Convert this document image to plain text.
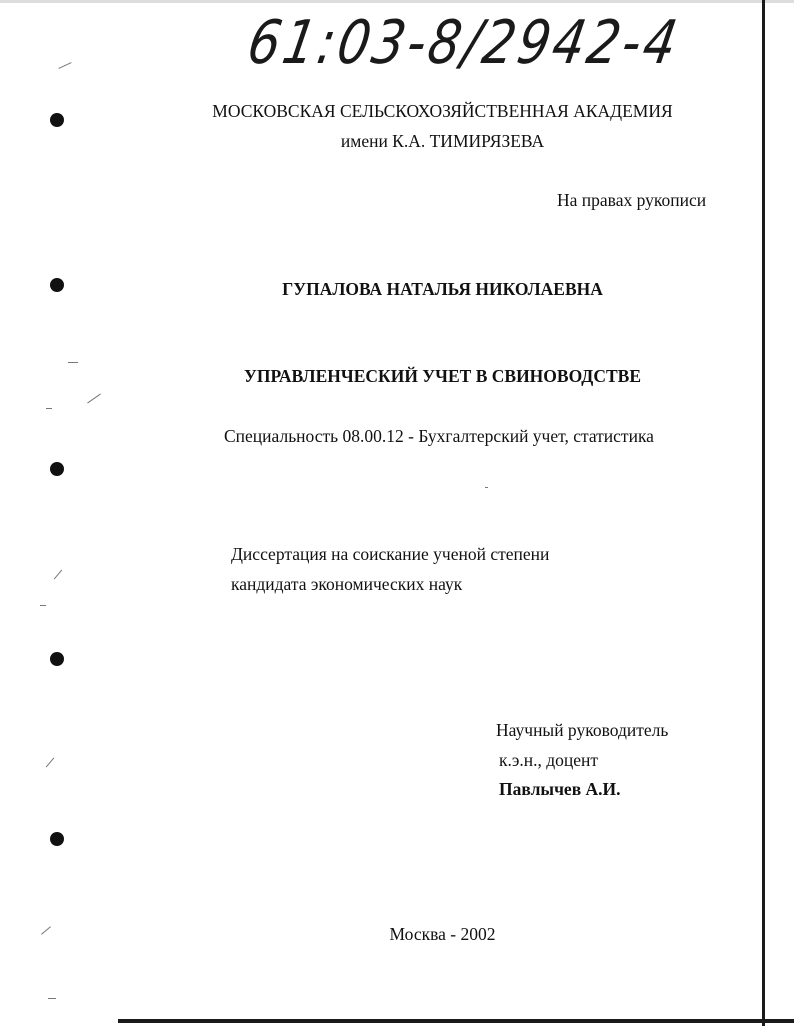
61:03-8/2942-4
МОСКОВСКАЯ СЕЛЬСКОХОЗЯЙСТВЕННАЯ АКАДЕМИЯ
имени К.А. ТИМИРЯЗЕВА
На правах рукописи
ГУПАЛОВА НАТАЛЬЯ НИКОЛАЕВНА
УПРАВЛЕНЧЕСКИЙ УЧЕТ В СВИНОВОДСТВЕ
Специальность 08.00.12 - Бухгалтерский учет, статистика
Диссертация на соискание ученой степени
кандидата экономических наук
Научный руководитель
к.э.н., доцент
Павлычев А.И.
Москва - 2002
